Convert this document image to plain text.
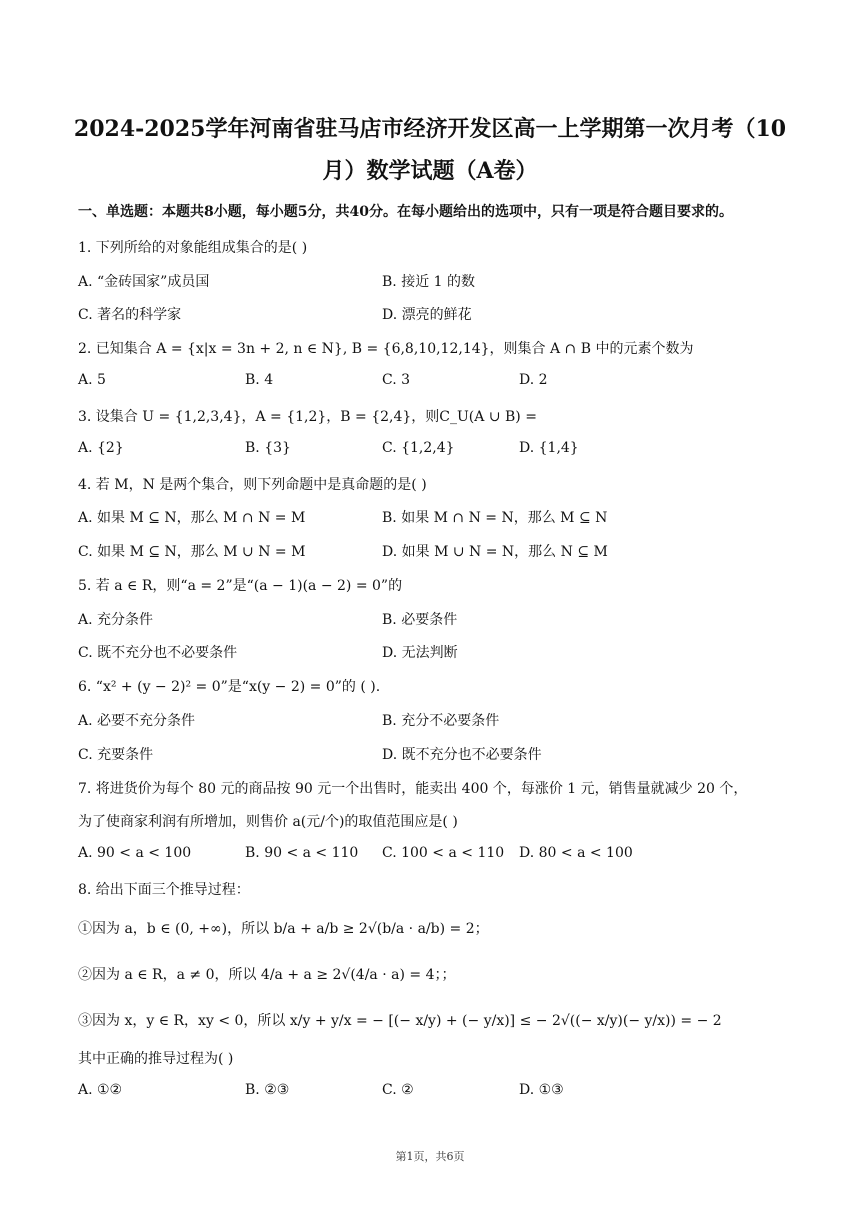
2024-2025学年河南省驻马店市经济开发区高一上学期第一次月考（10月）数学试题（A卷）
一、单选题：本题共8小题，每小题5分，共40分。在每小题给出的选项中，只有一项是符合题目要求的。
1. 下列所给的对象能组成集合的是( )
A. “金砖国家”成员国	B. 接近 1 的数
C. 著名的科学家	D. 漂亮的鲜花
2. 已知集合 A = {x|x = 3n + 2, n ∈ N}, B = {6,8,10,12,14}，则集合 A ∩ B 中的元素个数为
A. 5	B. 4	C. 3	D. 2
3. 设集合 U = {1,2,3,4}，A = {1,2}，B = {2,4}，则C_U(A ∪ B) =
A. {2}	B. {3}	C. {1,2,4}	D. {1,4}
4. 若 M，N 是两个集合，则下列命题中是真命题的是( )
A. 如果 M ⊆ N，那么 M ∩ N = M	B. 如果 M ∩ N = N，那么 M ⊆ N
C. 如果 M ⊆ N，那么 M ∪ N = M	D. 如果 M ∪ N = N，那么 N ⊆ M
5. 若 a ∈ R，则“a = 2”是“(a − 1)(a − 2) = 0”的
A. 充分条件	B. 必要条件
C. 既不充分也不必要条件	D. 无法判断
6. “x² + (y − 2)² = 0”是“x(y − 2) = 0”的 ( ).
A. 必要不充分条件	B. 充分不必要条件
C. 充要条件	D. 既不充分也不必要条件
7. 将进货价为每个 80 元的商品按 90 元一个出售时，能卖出 400 个，每涨价 1 元，销售量就减少 20 个，
为了使商家利润有所增加，则售价 a(元/个)的取值范围应是( )
A. 90 < a < 100	B. 90 < a < 110 C. 100 < a < 110 D. 80 < a < 100
8. 给出下面三个推导过程：
①因为 a，b ∈ (0, +∞)，所以 b/a + a/b ≥ 2√(b/a · a/b) = 2；
②因为 a ∈ R，a ≠ 0，所以 4/a + a ≥ 2√(4/a · a) = 4；；
③因为 x，y ∈ R，xy < 0，所以 x/y + y/x = − [(− x/y) + (− y/x)] ≤ − 2√((− x/y)(− y/x)) = − 2
其中正确的推导过程为( )
A. ①②	B. ②③	C. ②	D. ①③
第1页，共6页
